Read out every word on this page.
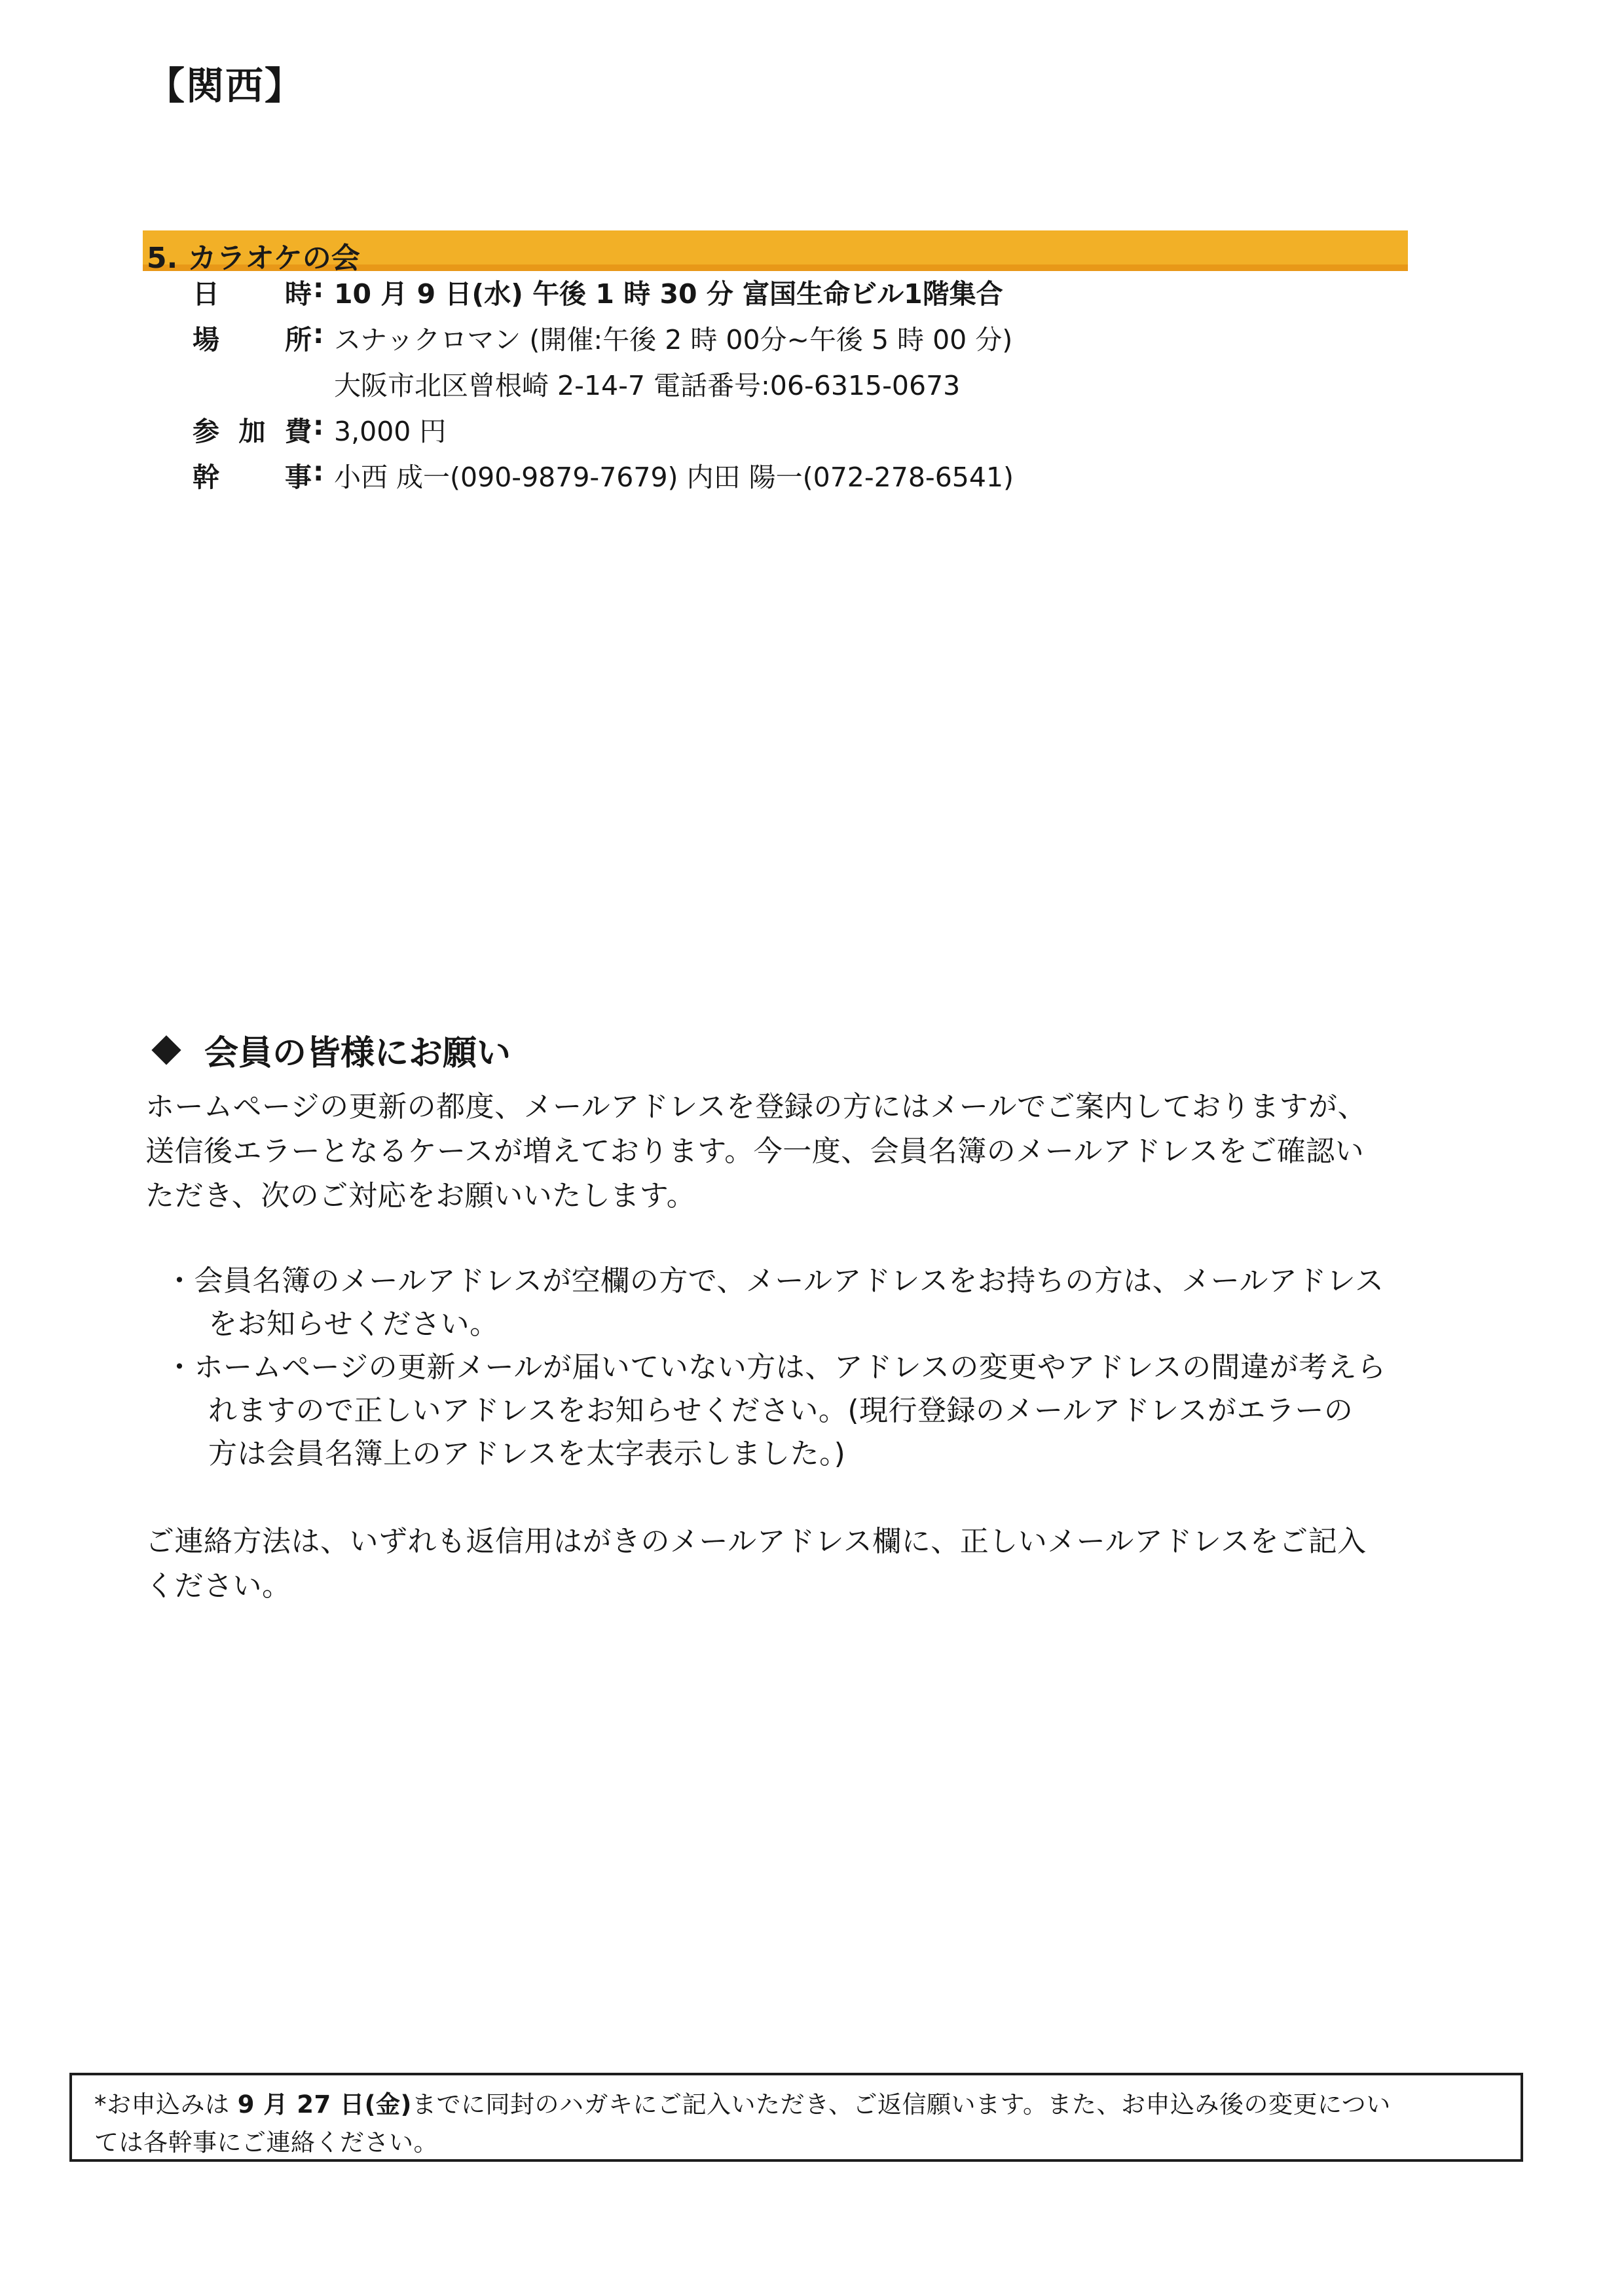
【関西】
5. カラオケの会
日 時 : 10 月 9 日(水) 午後 1 時 30 分 富国生命ビル1階集合
場 所 : スナックロマン (開催:午後 2 時 00分~午後 5 時 00 分)
大阪市北区曾根崎 2-14-7 電話番号:06-6315-0673
参 加 費 : 3,000 円
幹 事 : 小西 成一(090-9879-7679) 内田 陽一(072-278-6541)
会員の皆様にお願い
ホームページの更新の都度、メールアドレスを登録の方にはメールでご案内しておりますが、
送信後エラーとなるケースが増えております。今一度、会員名簿のメールアドレスをご確認い
ただき、次のご対応をお願いいたします。
・会員名簿のメールアドレスが空欄の方で、メールアドレスをお持ちの方は、メールアドレス
をお知らせください。
・ホームページの更新メールが届いていない方は、アドレスの変更やアドレスの間違が考えら
れますので正しいアドレスをお知らせください。(現行登録のメールアドレスがエラーの
方は会員名簿上のアドレスを太字表示しました。)
ご連絡方法は、いずれも返信用はがきのメールアドレス欄に、正しいメールアドレスをご記入
ください。
*お申込みは 9 月 27 日(金)までに同封のハガキにご記入いただき、ご返信願います。また、お申込み後の変更につい
ては各幹事にご連絡ください。
